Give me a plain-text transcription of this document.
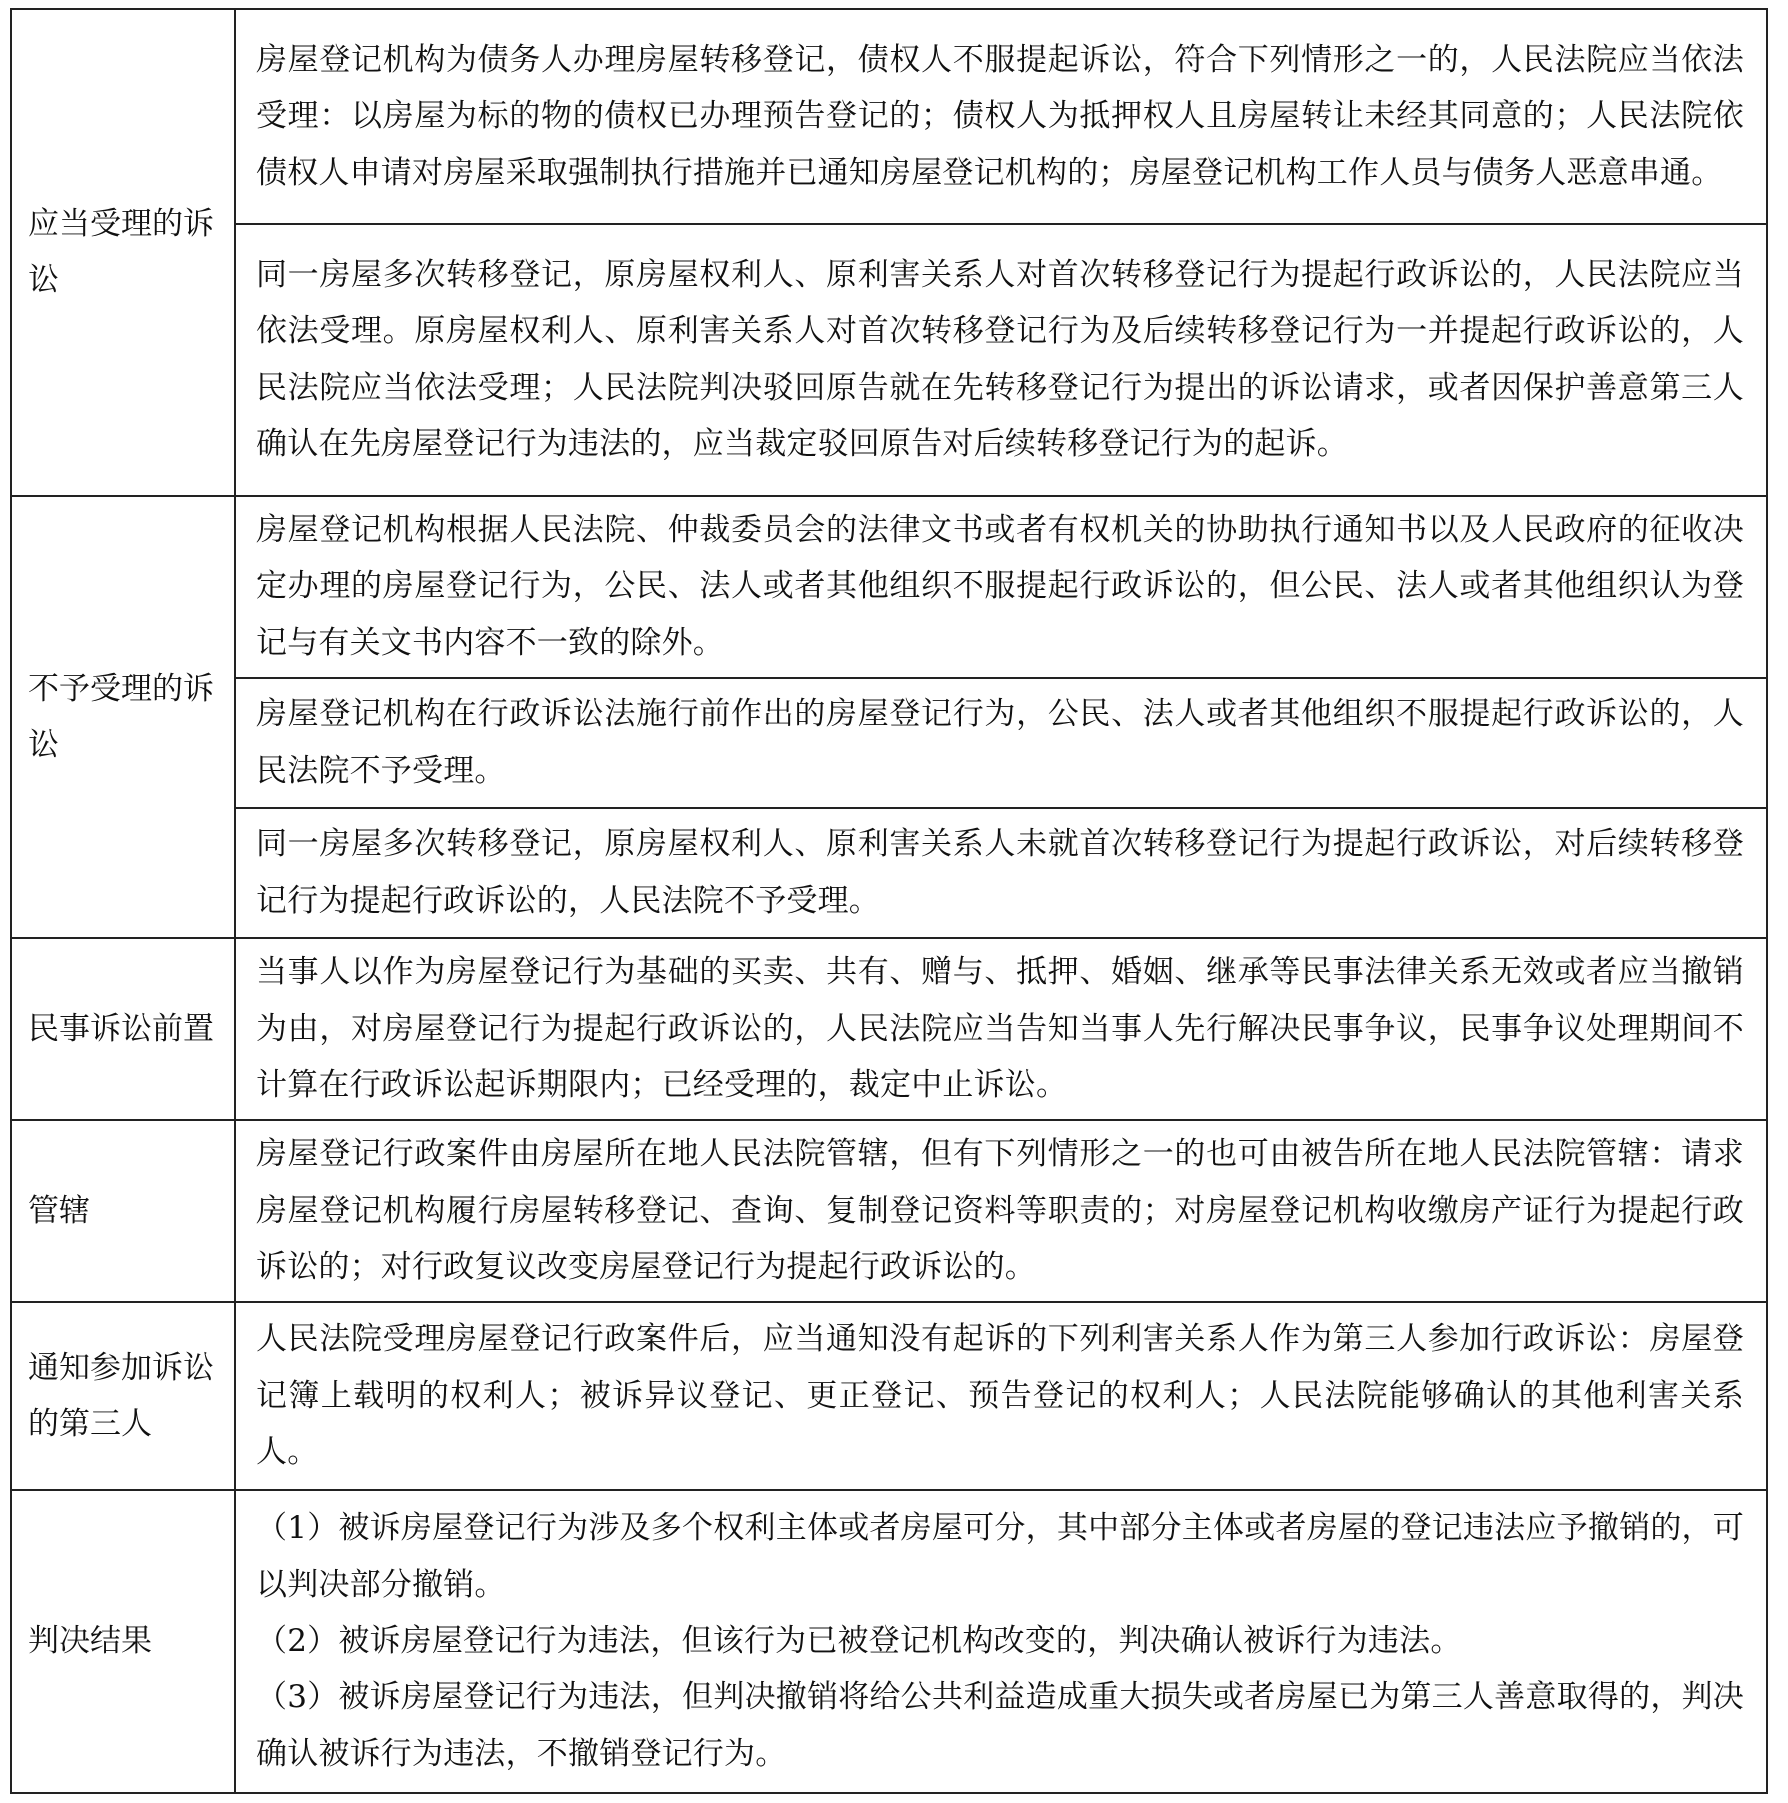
应当受理的诉讼	房屋登记机构为债务人办理房屋转移登记，债权人不服提起诉讼，符合下列情形之一的，人民法院应当依法受理：以房屋为标的物的债权已办理预告登记的；债权人为抵押权人且房屋转让未经其同意的；人民法院依债权人申请对房屋采取强制执行措施并已通知房屋登记机构的；房屋登记机构工作人员与债务人恶意串通。
	同一房屋多次转移登记，原房屋权利人、原利害关系人对首次转移登记行为提起行政诉讼的，人民法院应当依法受理。原房屋权利人、原利害关系人对首次转移登记行为及后续转移登记行为一并提起行政诉讼的，人民法院应当依法受理；人民法院判决驳回原告就在先转移登记行为提出的诉讼请求，或者因保护善意第三人确认在先房屋登记行为违法的，应当裁定驳回原告对后续转移登记行为的起诉。
不予受理的诉讼	房屋登记机构根据人民法院、仲裁委员会的法律文书或者有权机关的协助执行通知书以及人民政府的征收决定办理的房屋登记行为，公民、法人或者其他组织不服提起行政诉讼的，但公民、法人或者其他组织认为登记与有关文书内容不一致的除外。
	房屋登记机构在行政诉讼法施行前作出的房屋登记行为，公民、法人或者其他组织不服提起行政诉讼的，人民法院不予受理。
	同一房屋多次转移登记，原房屋权利人、原利害关系人未就首次转移登记行为提起行政诉讼，对后续转移登记行为提起行政诉讼的，人民法院不予受理。
民事诉讼前置	当事人以作为房屋登记行为基础的买卖、共有、赠与、抵押、婚姻、继承等民事法律关系无效或者应当撤销为由，对房屋登记行为提起行政诉讼的，人民法院应当告知当事人先行解决民事争议，民事争议处理期间不计算在行政诉讼起诉期限内；已经受理的，裁定中止诉讼。
管辖	房屋登记行政案件由房屋所在地人民法院管辖，但有下列情形之一的也可由被告所在地人民法院管辖：请求房屋登记机构履行房屋转移登记、查询、复制登记资料等职责的；对房屋登记机构收缴房产证行为提起行政诉讼的；对行政复议改变房屋登记行为提起行政诉讼的。
通知参加诉讼的第三人	人民法院受理房屋登记行政案件后，应当通知没有起诉的下列利害关系人作为第三人参加行政诉讼：房屋登记簿上载明的权利人；被诉异议登记、更正登记、预告登记的权利人；人民法院能够确认的其他利害关系人。
判决结果	（1）被诉房屋登记行为涉及多个权利主体或者房屋可分，其中部分主体或者房屋的登记违法应予撤销的，可以判决部分撤销。

（2）被诉房屋登记行为违法，但该行为已被登记机构改变的，判决确认被诉行为违法。

（3）被诉房屋登记行为违法，但判决撤销将给公共利益造成重大损失或者房屋已为第三人善意取得的，判决确认被诉行为违法，不撤销登记行为。
